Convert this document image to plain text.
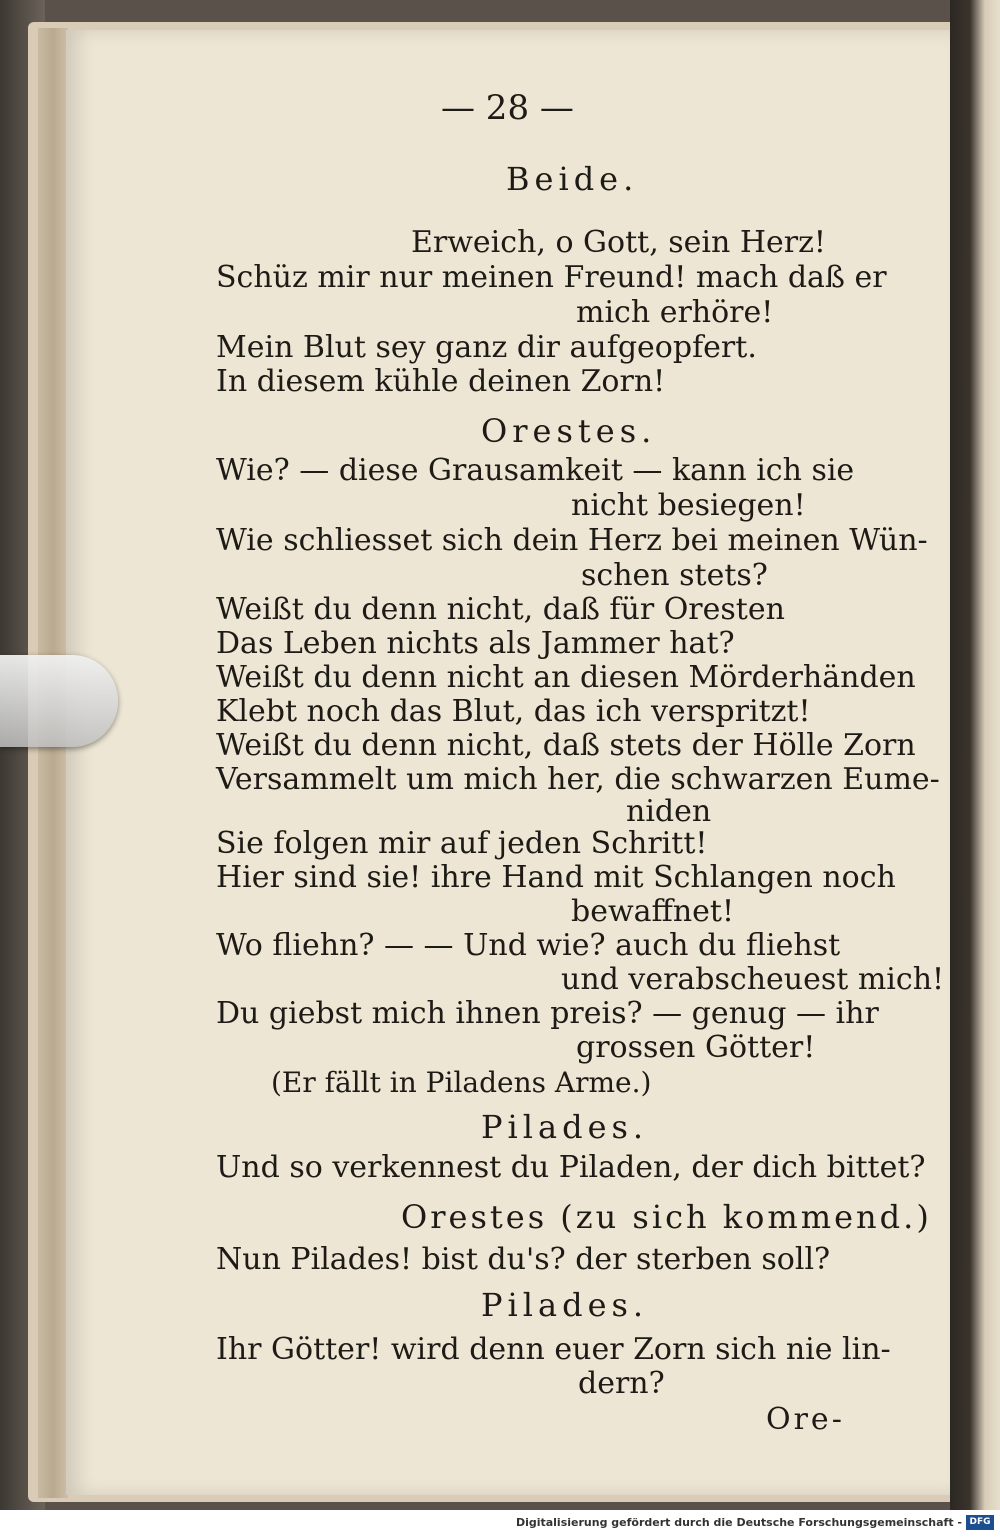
— 28 —
Beide.
Erweich, o Gott, sein Herz!
Schüz mir nur meinen Freund! mach daß er
mich erhöre!
Mein Blut sey ganz dir aufgeopfert.
In diesem kühle deinen Zorn!
Orestes.
Wie? — diese Grausamkeit — kann ich sie
nicht besiegen!
Wie schliesset sich dein Herz bei meinen Wün-
schen stets?
Weißt du denn nicht, daß für Oresten
Das Leben nichts als Jammer hat?
Weißt du denn nicht an diesen Mörderhänden
Klebt noch das Blut, das ich verspritzt!
Weißt du denn nicht, daß stets der Hölle Zorn
Versammelt um mich her, die schwarzen Eume-
niden
Sie folgen mir auf jeden Schritt!
Hier sind sie! ihre Hand mit Schlangen noch
bewaffnet!
Wo fliehn? — — Und wie? auch du fliehst
und verabscheuest mich!
Du giebst mich ihnen preis? — genug — ihr
grossen Götter!
(Er fällt in Piladens Arme.)
Pilades.
Und so verkennest du Piladen, der dich bittet?
Orestes (zu sich kommend.)
Nun Pilades! bist du's? der sterben soll?
Pilades.
Ihr Götter! wird denn euer Zorn sich nie lin-
dern?
Ore-
Digitalisierung gefördert durch die Deutsche Forschungsgemeinschaft - DFG
